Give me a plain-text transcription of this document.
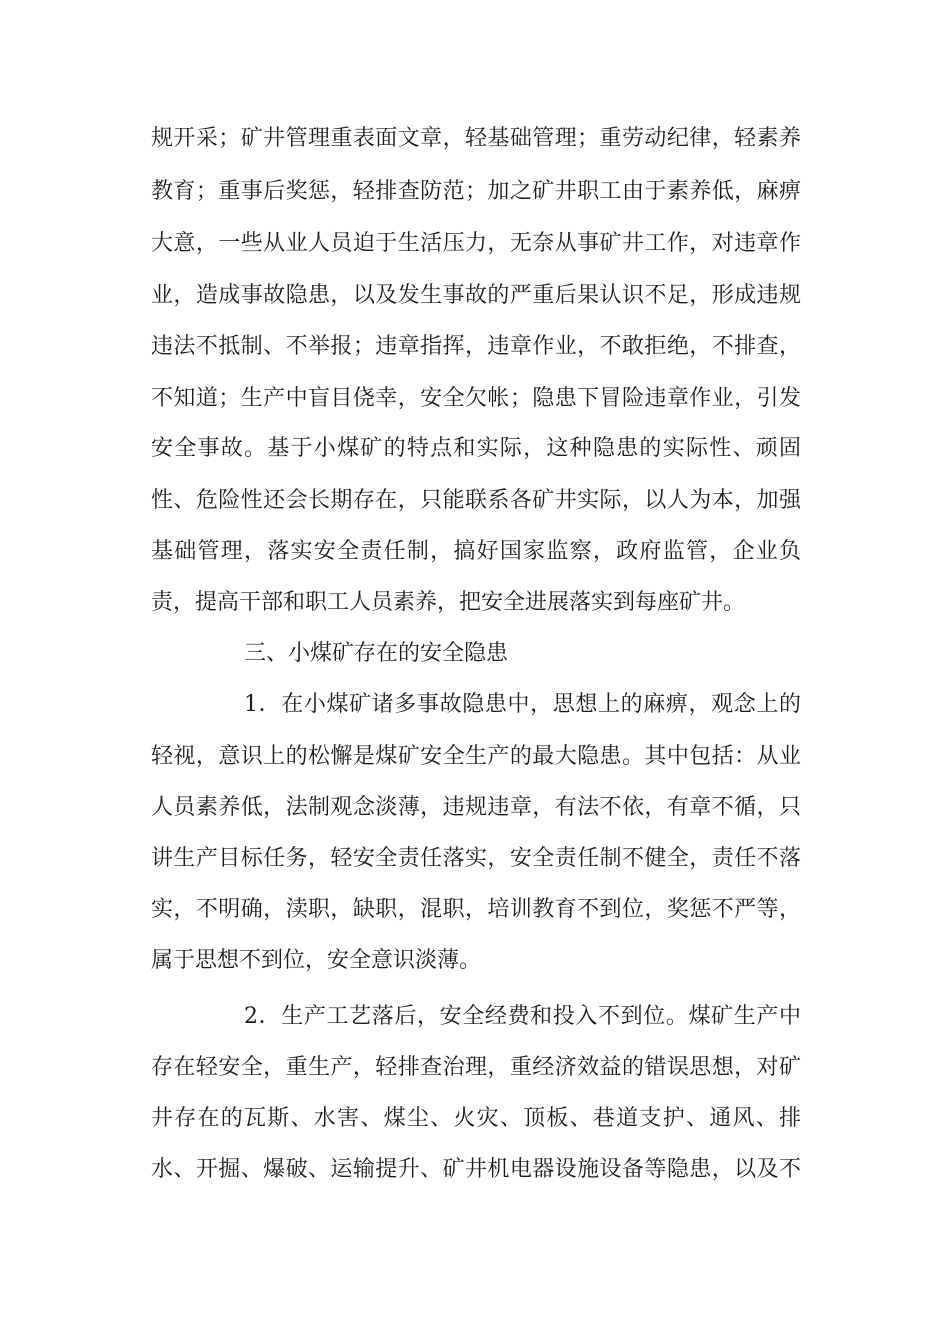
规开采；矿井管理重表面文章，轻基础管理；重劳动纪律，轻素养
教育；重事后奖惩，轻排查防范；加之矿井职工由于素养低，麻痹
大意，一些从业人员迫于生活压力，无奈从事矿井工作，对违章作
业，造成事故隐患，以及发生事故的严重后果认识不足，形成违规
违法不抵制、不举报；违章指挥，违章作业，不敢拒绝，不排查，
不知道；生产中盲目侥幸，安全欠帐；隐患下冒险违章作业，引发
安全事故。基于小煤矿的特点和实际，这种隐患的实际性、顽固
性、危险性还会长期存在，只能联系各矿井实际，以人为本，加强
基础管理，落实安全责任制，搞好国家监察，政府监管，企业负
责，提高干部和职工人员素养，把安全进展落实到每座矿井。
三、小煤矿存在的安全隐患
1．在小煤矿诸多事故隐患中，思想上的麻痹，观念上的
轻视，意识上的松懈是煤矿安全生产的最大隐患。其中包括：从业
人员素养低，法制观念淡薄，违规违章，有法不依，有章不循，只
讲生产目标任务，轻安全责任落实，安全责任制不健全，责任不落
实，不明确，渎职，缺职，混职，培训教育不到位，奖惩不严等，
属于思想不到位，安全意识淡薄。
2．生产工艺落后，安全经费和投入不到位。煤矿生产中
存在轻安全，重生产，轻排查治理，重经济效益的错误思想，对矿
井存在的瓦斯、水害、煤尘、火灾、顶板、巷道支护、通风、排
水、开掘、爆破、运输提升、矿井机电器设施设备等隐患，以及不
